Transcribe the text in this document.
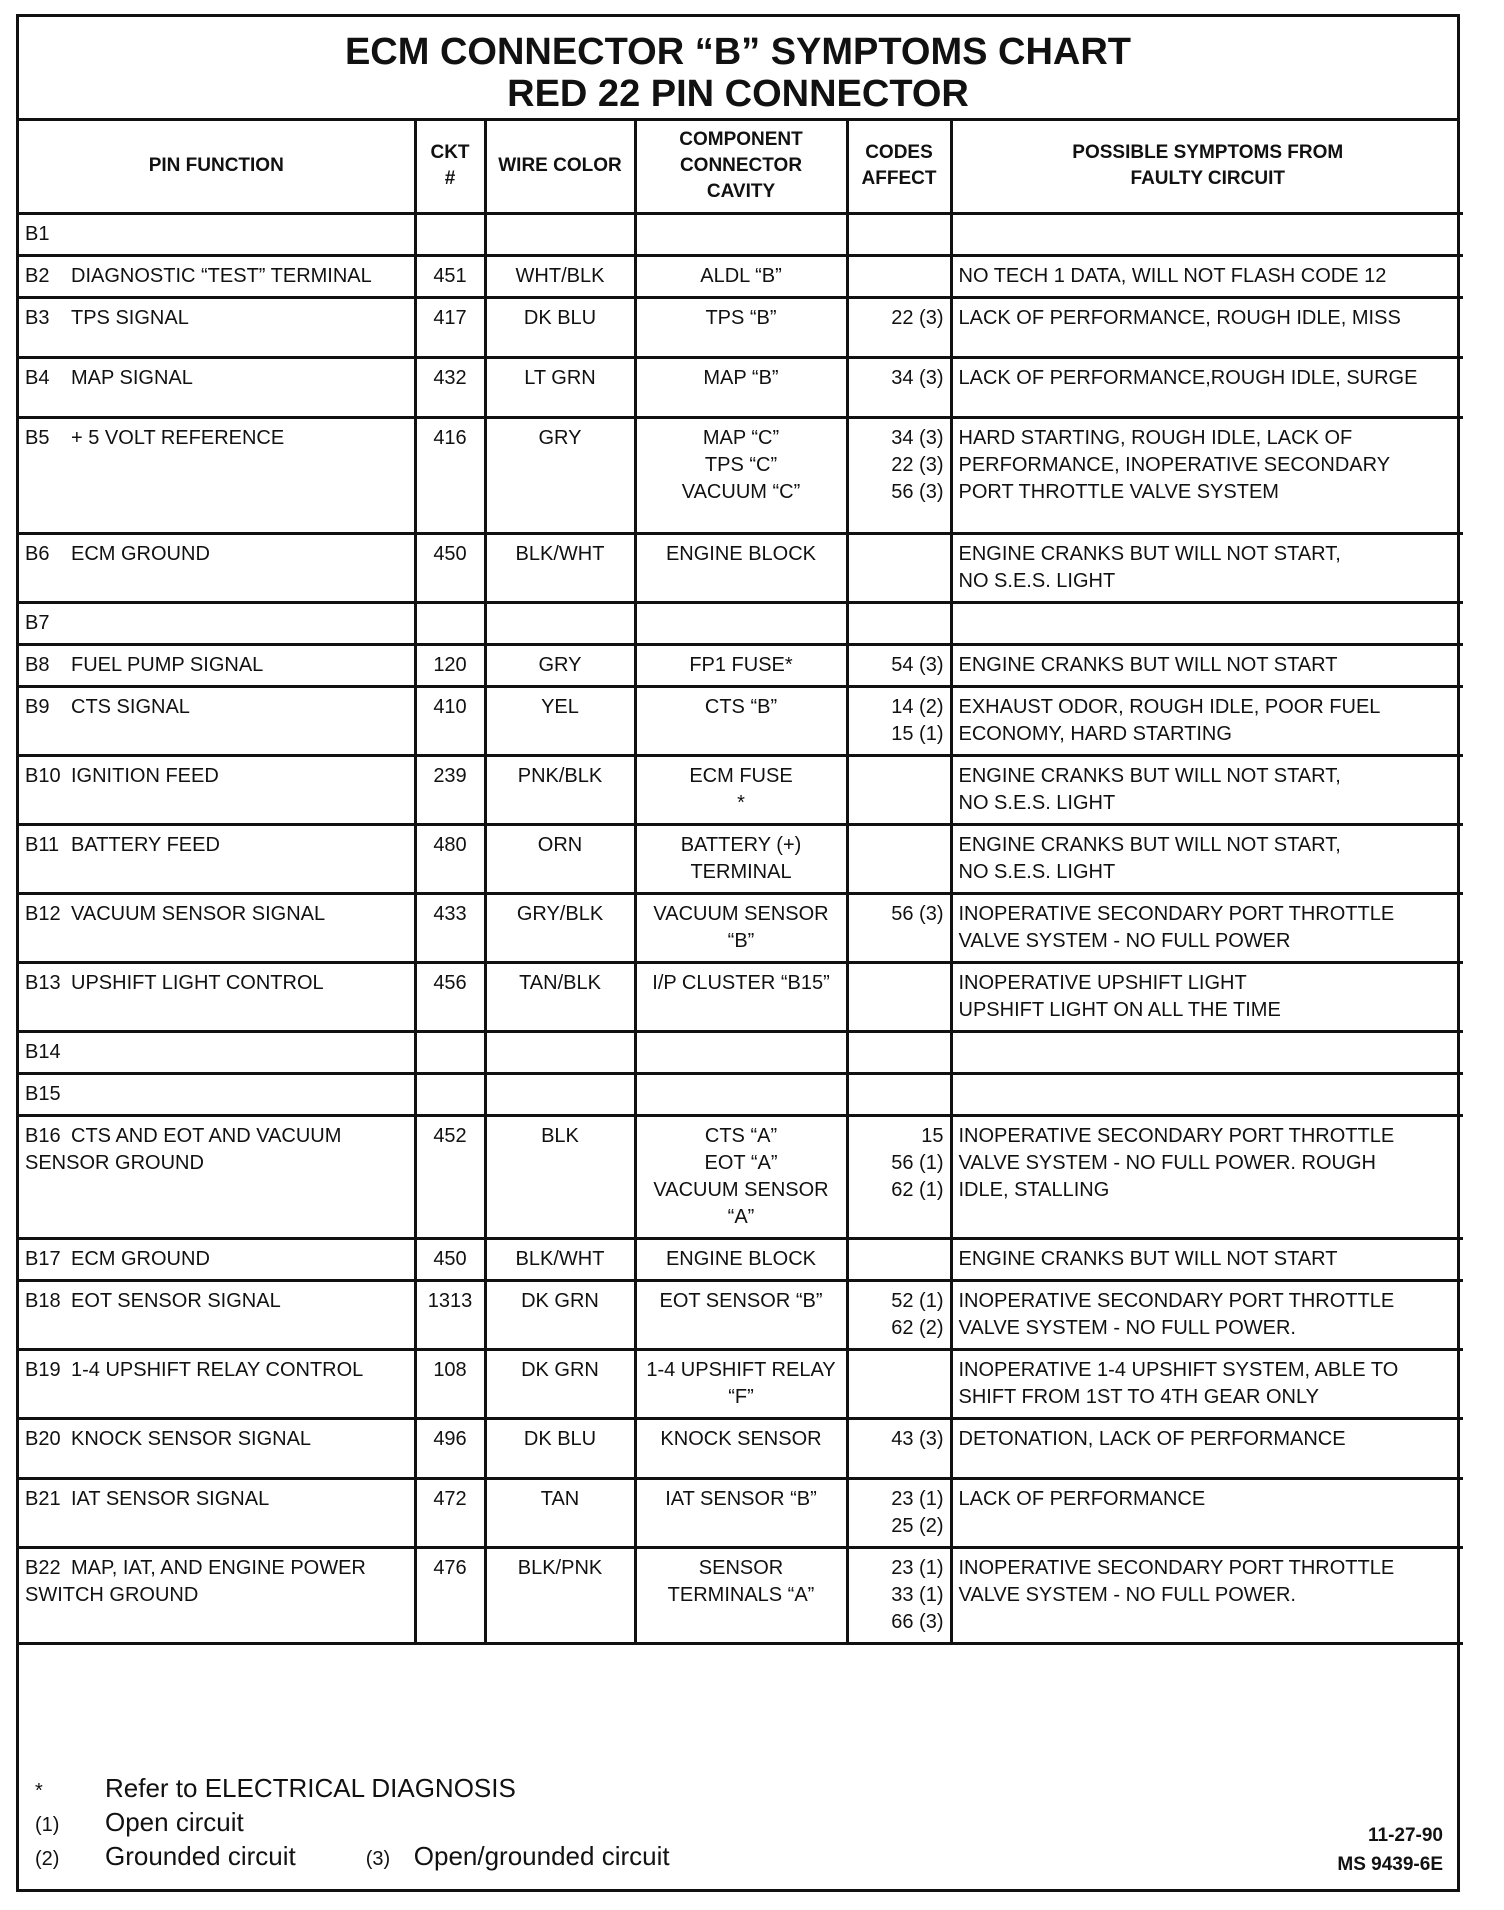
ECM CONNECTOR “B” SYMPTOMS CHART
RED 22 PIN CONNECTOR
PIN FUNCTION	CKT
#	WIRE COLOR	COMPONENT
CONNECTOR
CAVITY	CODES
AFFECT	POSSIBLE SYMPTOMS FROM
FAULTY CIRCUIT

B1					
B2 DIAGNOSTIC “TEST” TERMINAL	451	WHT/BLK	ALDL “B”		NO TECH 1 DATA, WILL NOT FLASH CODE 12

B3 TPS SIGNAL	417	DK BLU	TPS “B”	22 (3)	LACK OF PERFORMANCE, ROUGH IDLE, MISS

B4 MAP SIGNAL	432	LT GRN	MAP “B”	34 (3)	LACK OF PERFORMANCE,ROUGH IDLE, SURGE

B5 + 5 VOLT REFERENCE	416	GRY	MAP “C”
TPS “C”
VACUUM “C”	34 (3)
22 (3)
56 (3)	HARD STARTING, ROUGH IDLE, LACK OF
PERFORMANCE, INOPERATIVE SECONDARY
PORT THROTTLE VALVE SYSTEM

B6 ECM GROUND	450	BLK/WHT	ENGINE BLOCK		ENGINE CRANKS BUT WILL NOT START,
NO S.E.S. LIGHT

B7					
B8 FUEL PUMP SIGNAL	120	GRY	FP1 FUSE*	54 (3)	ENGINE CRANKS BUT WILL NOT START

B9 CTS SIGNAL	410	YEL	CTS “B”	14 (2)
15 (1)	EXHAUST ODOR, ROUGH IDLE, POOR FUEL
ECONOMY, HARD STARTING

B10 IGNITION FEED	239	PNK/BLK	ECM FUSE
*		ENGINE CRANKS BUT WILL NOT START,
NO S.E.S. LIGHT

B11 BATTERY FEED	480	ORN	BATTERY (+)
TERMINAL		ENGINE CRANKS BUT WILL NOT START,
NO S.E.S. LIGHT

B12 VACUUM SENSOR SIGNAL	433	GRY/BLK	VACUUM SENSOR
“B”	56 (3)	INOPERATIVE SECONDARY PORT THROTTLE
VALVE SYSTEM - NO FULL POWER

B13 UPSHIFT LIGHT CONTROL	456	TAN/BLK	I/P CLUSTER “B15”		INOPERATIVE UPSHIFT LIGHT
UPSHIFT LIGHT ON ALL THE TIME

B14					
B15					
B16 CTS AND EOT AND VACUUM
SENSOR GROUND	452	BLK	CTS “A”
EOT “A”
VACUUM SENSOR
“A”	15
56 (1)
62 (1)	INOPERATIVE SECONDARY PORT THROTTLE
VALVE SYSTEM - NO FULL POWER. ROUGH
IDLE, STALLING

B17 ECM GROUND	450	BLK/WHT	ENGINE BLOCK		ENGINE CRANKS BUT WILL NOT START

B18 EOT SENSOR SIGNAL	1313	DK GRN	EOT SENSOR “B”	52 (1)
62 (2)	INOPERATIVE SECONDARY PORT THROTTLE
VALVE SYSTEM - NO FULL POWER.

B19 1-4 UPSHIFT RELAY CONTROL	108	DK GRN	1-4 UPSHIFT RELAY
“F”		INOPERATIVE 1-4 UPSHIFT SYSTEM, ABLE TO
SHIFT FROM 1ST TO 4TH GEAR ONLY

B20 KNOCK SENSOR SIGNAL	496	DK BLU	KNOCK SENSOR	43 (3)	DETONATION, LACK OF PERFORMANCE

B21 IAT SENSOR SIGNAL	472	TAN	IAT SENSOR “B”	23 (1)
25 (2)	LACK OF PERFORMANCE

B22 MAP, IAT, AND ENGINE POWER
SWITCH GROUND	476	BLK/PNK	SENSOR
TERMINALS “A”	23 (1)
33 (1)
66 (3)	INOPERATIVE SECONDARY PORT THROTTLE
VALVE SYSTEM - NO FULL POWER.
*	Refer to ELECTRICAL DIAGNOSIS
(1)	Open circuit
(2)	Grounded circuit	(3) Open/grounded circuit
11-27-90
MS 9439-6E
